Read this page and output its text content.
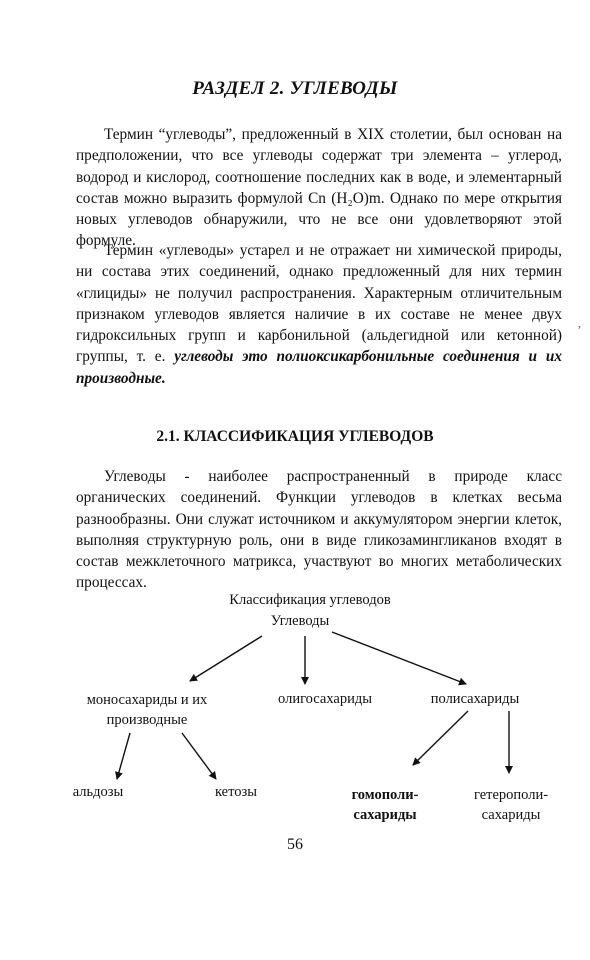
РАЗДЕЛ 2. УГЛЕВОДЫ

Термин “углеводы”, предложенный в XIX столетии, был основан на предположении, что все углеводы содержат три элемента – углерод, водород и кислород, соотношение последних как в воде, и элементарный состав можно выразить формулой Cn (H₂O)m. Однако по мере открытия новых углеводов обнаружили, что не все они удовлетворяют этой формуле.

Термин «углеводы» устарел и не отражает ни химической природы, ни состава этих соединений, однако предложенный для них термин «глициды» не получил распространения. Характерным отличительным признаком углеводов является наличие в их составе не менее двух гидроксильных групп и карбонильной (альдегидной или кетонной) группы, т. е. углеводы это полиоксикарбонильные соединения и их производные.

2.1. КЛАССИФИКАЦИЯ УГЛЕВОДОВ

Углеводы - наиболее распространенный в природе класс органических соединений. Функции углеводов в клетках весьма разнообразны. Они служат источником и аккумулятором энергии клеток, выполняя структурную роль, они в виде гликозамингликанов входят в состав межклеточного матрикса, участвуют во многих метаболических процессах.

,
Классификация углеводов
Углеводы
моносахариды и их производные
олигосахариды	полисахариды
альдозы	кетозы	гомополи-сахариды
гетерополи-сахариды
56
